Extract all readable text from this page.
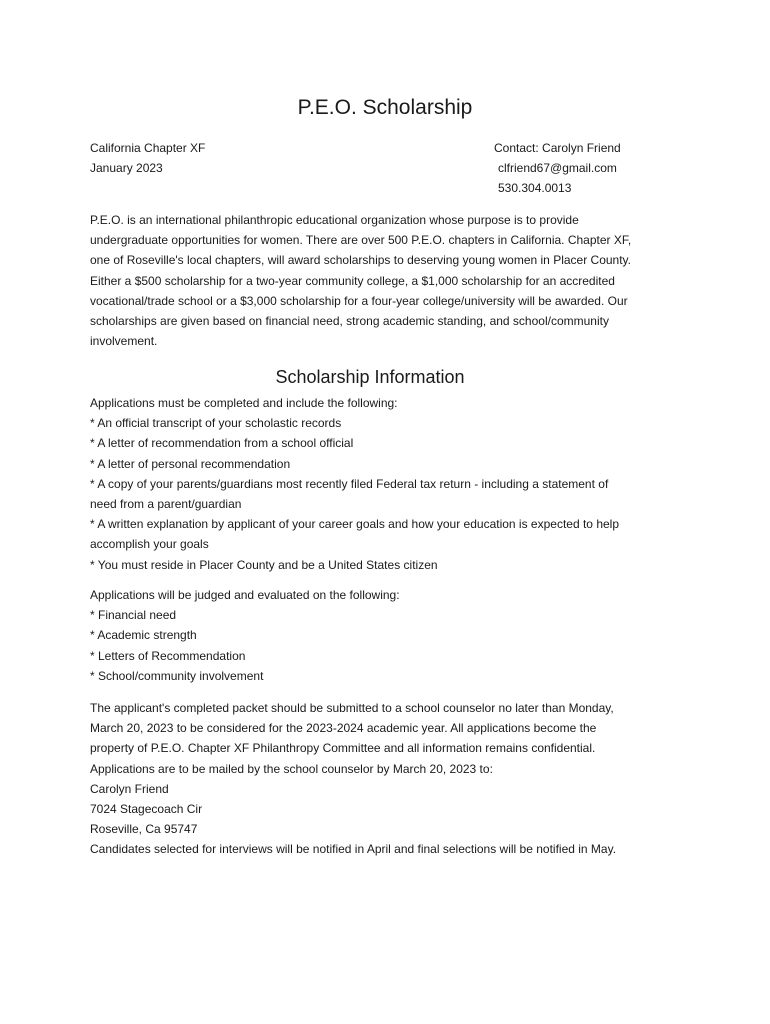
P.E.O. Scholarship
California Chapter XF
January 2023
Contact: Carolyn Friend
clfriend67@gmail.com
530.304.0013
P.E.O. is an international philanthropic educational organization whose purpose is to provide
undergraduate opportunities for women. There are over 500 P.E.O. chapters in California. Chapter XF,
one of Roseville's local chapters, will award scholarships to deserving young women in Placer County.
Either a $500 scholarship for a two-year community college, a $1,000 scholarship for an accredited
vocational/trade school or a $3,000 scholarship for a four-year college/university will be awarded. Our
scholarships are given based on financial need, strong academic standing, and school/community
involvement.
Scholarship Information
Applications must be completed and include the following:
* An official transcript of your scholastic records
* A letter of recommendation from a school official
* A letter of personal recommendation
* A copy of your parents/guardians most recently filed Federal tax return - including a statement of
need from a parent/guardian
* A written explanation by applicant of your career goals and how your education is expected to help
accomplish your goals
* You must reside in Placer County and be a United States citizen
Applications will be judged and evaluated on the following:
* Financial need
* Academic strength
* Letters of Recommendation
* School/community involvement
The applicant's completed packet should be submitted to a school counselor no later than Monday,
March 20, 2023 to be considered for the 2023-2024 academic year. All applications become the
property of P.E.O. Chapter XF Philanthropy Committee and all information remains confidential.
Applications are to be mailed by the school counselor by March 20, 2023 to:
Carolyn Friend
7024 Stagecoach Cir
Roseville, Ca 95747
Candidates selected for interviews will be notified in April and final selections will be notified in May.
